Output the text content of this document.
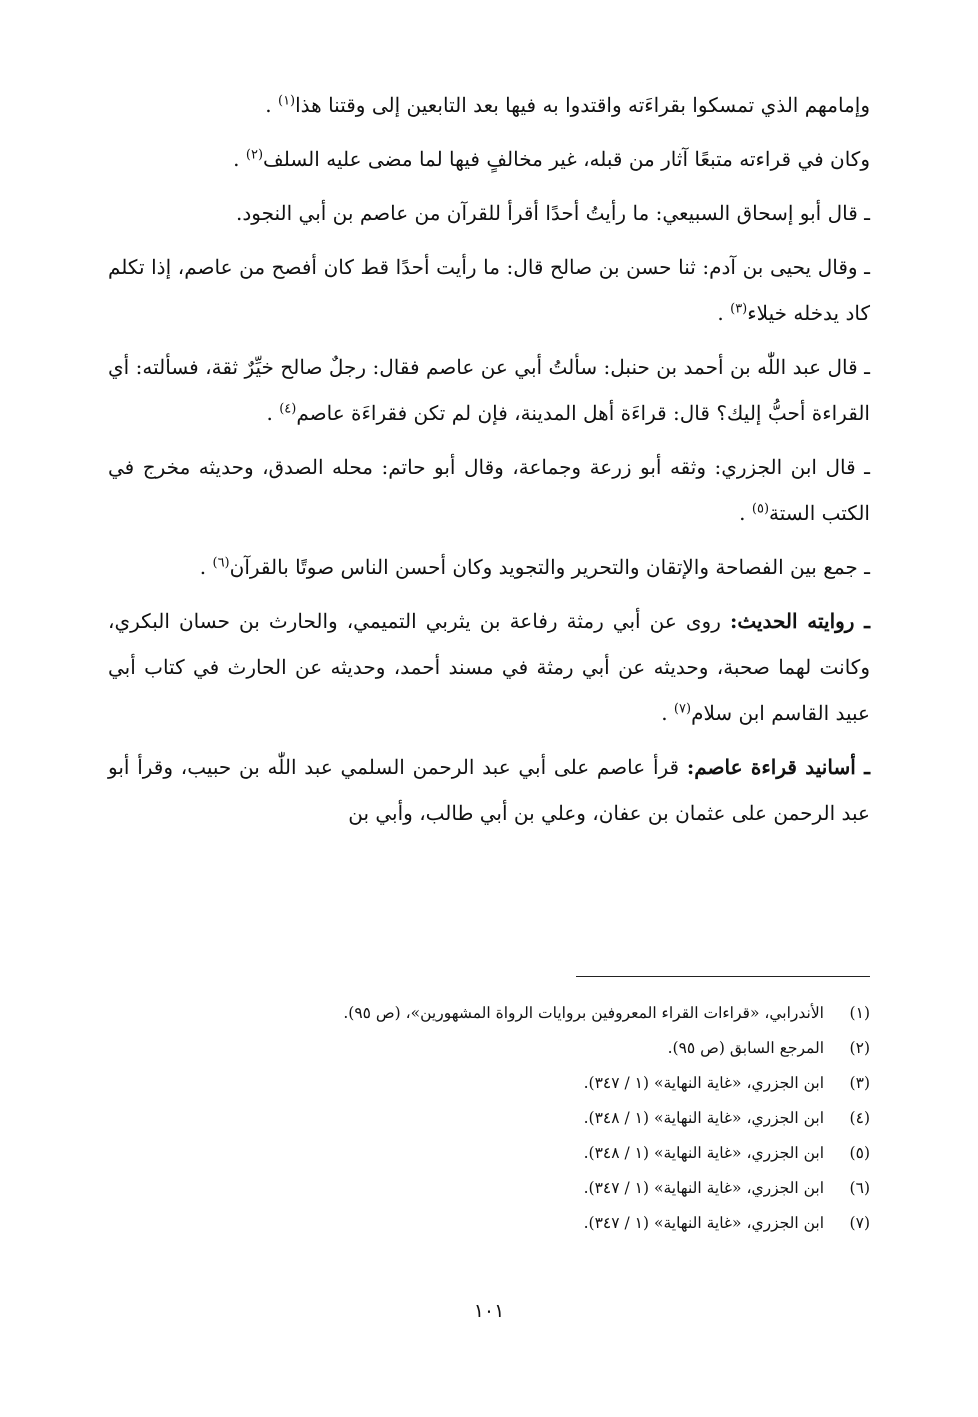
وإمامهم الذي تمسكوا بقراءَته واقتدوا به فيها بعد التابعين إلى وقتنا هذا$^{(١)}$ .

وكان في قراءته متبعًا آثار من قبله، غير مخالفٍ فيها لما مضى عليه السلف$^{(٢)}$ .

ـ قال أبو إسحاق السبيعي: ما رأيتُ أحدًا أقرأ للقرآن من عاصم بن أبي النجود.

ـ وقال يحيى بن آدم: ثنا حسن بن صالح قال: ما رأيت أحدًا قط كان أفصح من عاصم، إذا تكلم كاد يدخله خيلاء$^{(٣)}$ .

ـ قال عبد اللّٰه بن أحمد بن حنبل: سألتُ أبي عن عاصم فقال: رجلٌ صالح خيِّرٌ ثقة، فسألته: أي القراءة أحبُّ إليك؟ قال: قراءَة أهل المدينة، فإن لم تكن فقراءَة عاصم$^{(٤)}$ .

ـ قال ابن الجزري: وثقه أبو زرعة وجماعة، وقال أبو حاتم: محله الصدق، وحديثه مخرج في الكتب الستة$^{(٥)}$ .

ـ جمع بين الفصاحة والإتقان والتحرير والتجويد وكان أحسن الناس صوتًا بالقرآن$^{(٦)}$ .

ـ روايته الحديث: روى عن أبي رمثة رفاعة بن يثربي التميمي، والحارث بن حسان البكري، وكانت لهما صحبة، وحديثه عن أبي رمثة في مسند أحمد، وحديثه عن الحارث في كتاب أبي عبيد القاسم ابن سلام$^{(٧)}$ .

ـ أسانيد قراءة عاصم: قرأ عاصم على أبي عبد الرحمن السلمي عبد اللّٰه بن حبيب، وقرأ أبو عبد الرحمن على عثمان بن عفان، وعلي بن أبي طالب، وأبي بن

(١)
الأندرابي، «قراءات القراء المعروفين بروايات الرواة المشهورين»، (ص ٩٥).
(٢)
المرجع السابق (ص ٩٥).
(٣)
ابن الجزري، «غاية النهاية» (١ / ٣٤٧).
(٤)
ابن الجزري، «غاية النهاية» (١ / ٣٤٨).
(٥)
ابن الجزري، «غاية النهاية» (١ / ٣٤٨).
(٦)
ابن الجزري، «غاية النهاية» (١ / ٣٤٧).
(٧)
ابن الجزري، «غاية النهاية» (١ / ٣٤٧).
١٠١
